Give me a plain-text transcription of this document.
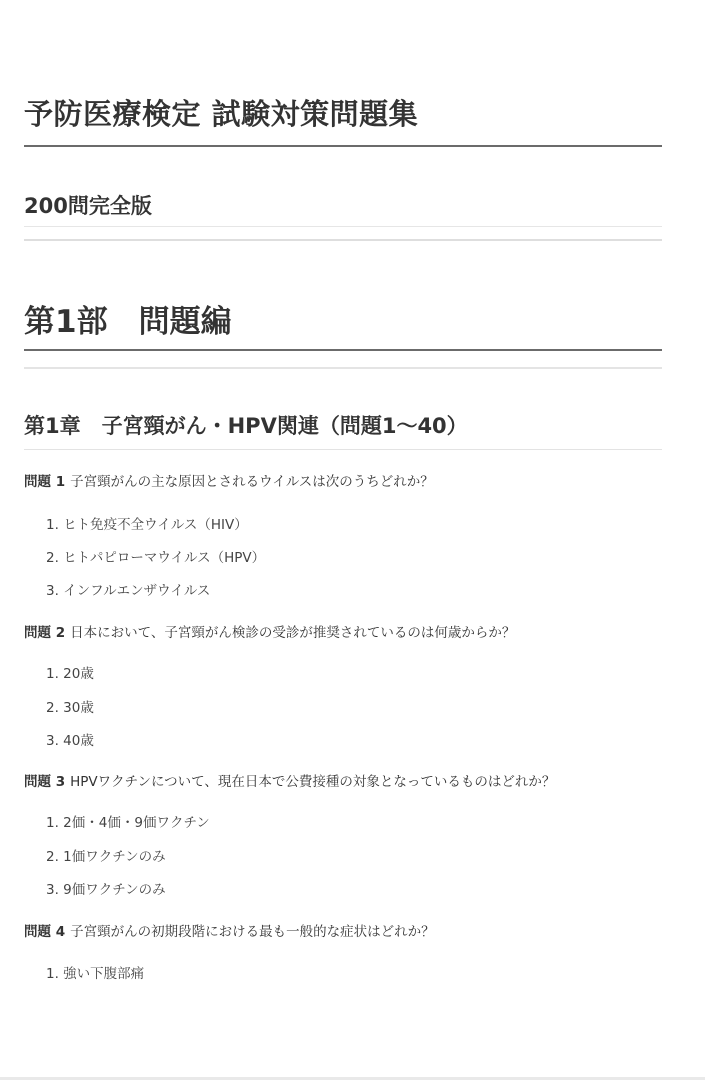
予防医療検定 試験対策問題集
200問完全版
第1部　問題編
第1章　子宮頸がん・HPV関連（問題1〜40）

問題 1 子宮頸がんの主な原因とされるウイルスは次のうちどれか？

1. ヒト免疫不全ウイルス（HIV）

2. ヒトパピローマウイルス（HPV）

3. インフルエンザウイルス

問題 2 日本において、子宮頸がん検診の受診が推奨されているのは何歳からか？

1. 20歳

2. 30歳

3. 40歳

問題 3 HPVワクチンについて、現在日本で公費接種の対象となっているものはどれか？

1. 2価・4価・9価ワクチン

2. 1価ワクチンのみ

3. 9価ワクチンのみ

問題 4 子宮頸がんの初期段階における最も一般的な症状はどれか？

1. 強い下腹部痛
